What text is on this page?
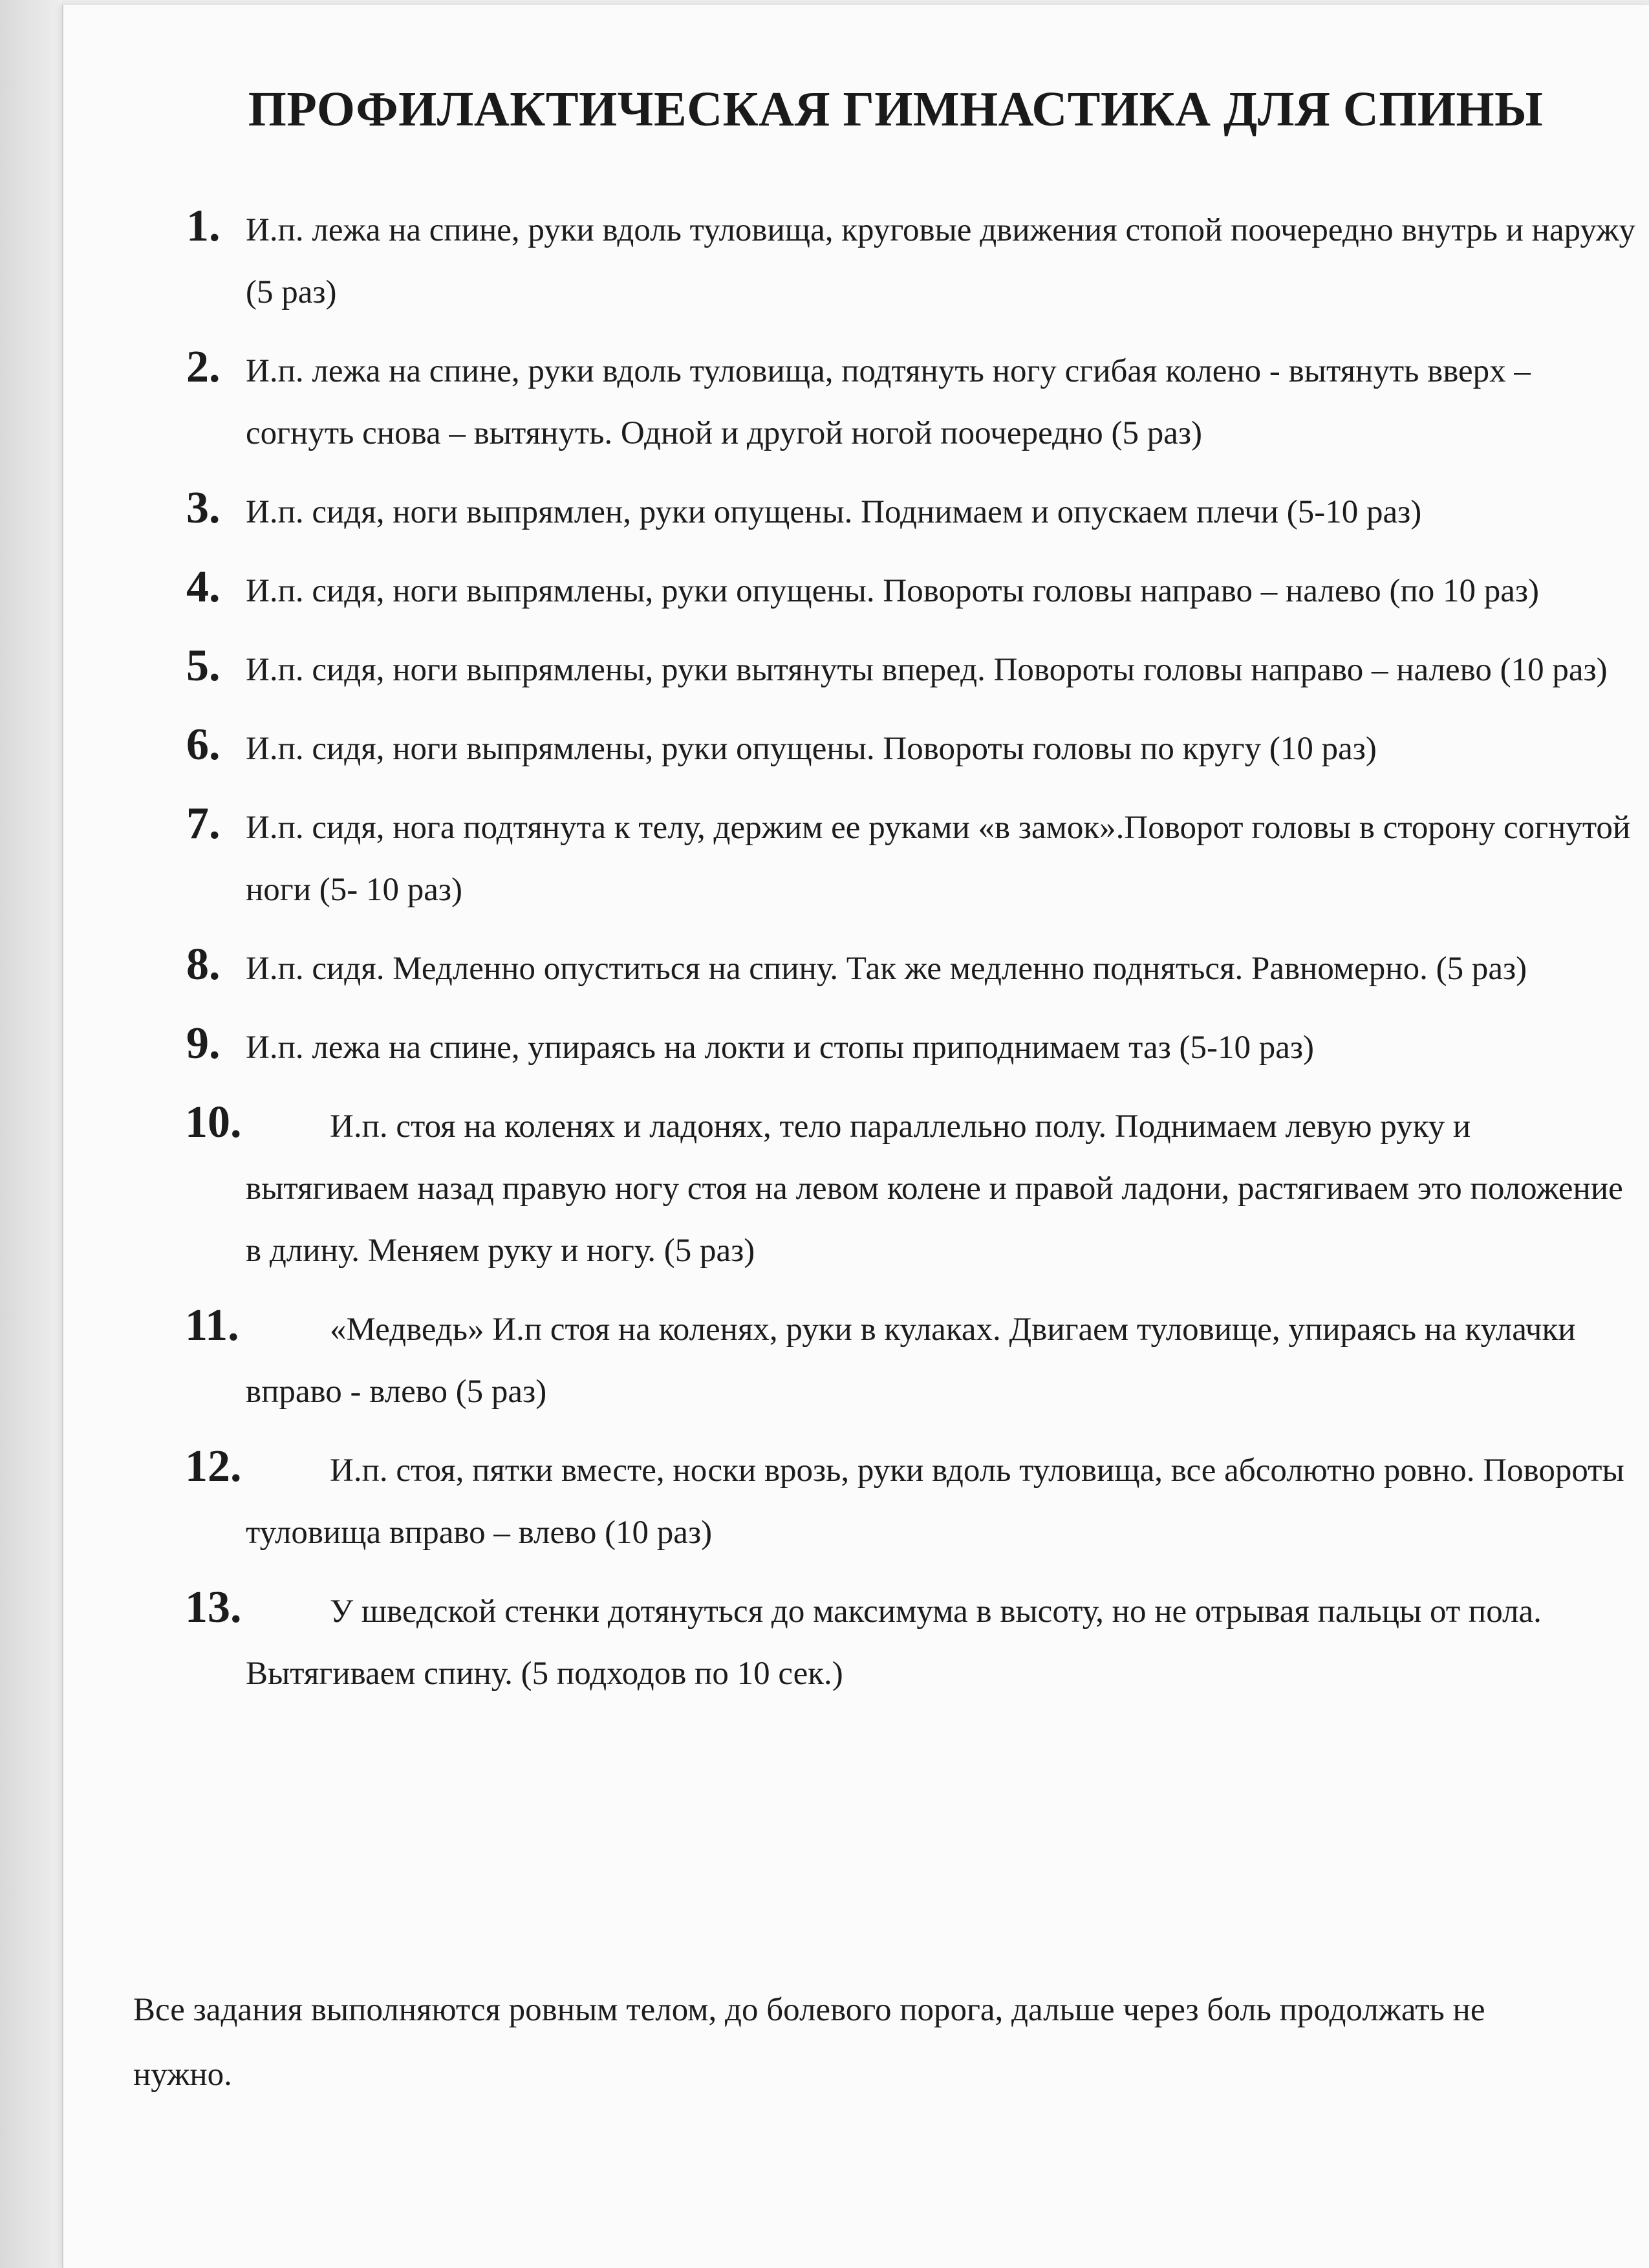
ПРОФИЛАКТИЧЕСКАЯ ГИМНАСТИКА ДЛЯ СПИНЫ
1. И.п. лежа на спине, руки вдоль туловища, круговые движения стопой поочередно внутрь и наружу (5 раз)
2. И.п. лежа на спине, руки вдоль туловища, подтянуть ногу сгибая колено - вытянуть вверх – согнуть снова – вытянуть. Одной и другой ногой поочередно (5 раз)
3. И.п. сидя, ноги выпрямлен, руки опущены. Поднимаем и опускаем плечи (5-10 раз)
4. И.п. сидя, ноги выпрямлены, руки опущены. Повороты головы направо – налево (по 10 раз)
5. И.п. сидя, ноги выпрямлены, руки вытянуты вперед. Повороты головы направо – налево (10 раз)
6. И.п. сидя, ноги выпрямлены, руки опущены. Повороты головы по кругу (10 раз)
7. И.п. сидя, нога подтянута к телу, держим ее руками «в замок».Поворот головы в сторону согнутой ноги (5- 10 раз)
8. И.п. сидя. Медленно опуститься на спину. Так же медленно подняться. Равномерно. (5 раз)
9. И.п. лежа на спине, упираясь на локти и стопы приподнимаем таз (5-10 раз)
10.	И.п. стоя на коленях и ладонях, тело параллельно полу. Поднимаем левую руку и вытягиваем назад правую ногу стоя на левом колене и правой ладони, растягиваем это положение в длину. Меняем руку и ногу. (5 раз)
11.	«Медведь» И.п стоя на коленях, руки в кулаках. Двигаем туловище, упираясь на кулачки вправо - влево (5 раз)
12.	И.п. стоя, пятки вместе, носки врозь, руки вдоль туловища, все абсолютно ровно. Повороты туловища вправо – влево (10 раз)
13.	У шведской стенки дотянуться до максимума в высоту, но не отрывая пальцы от пола. Вытягиваем спину. (5 подходов по 10 сек.)
Все задания выполняются ровным телом, до болевого порога, дальше через боль продолжать не нужно.
